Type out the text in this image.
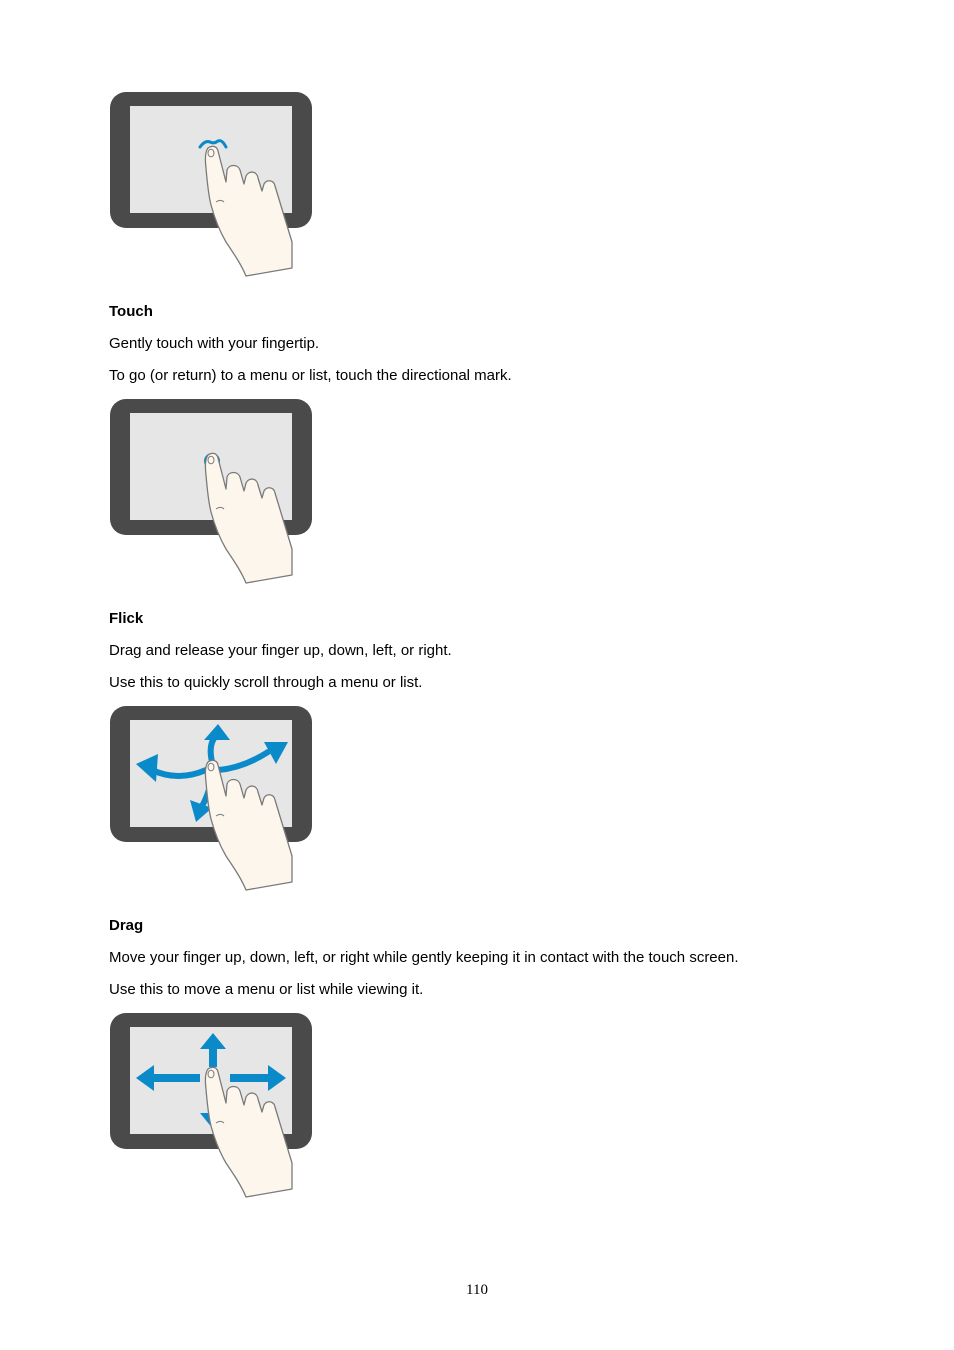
Touch
Gently touch with your fingertip.
To go (or return) to a menu or list, touch the directional mark.
Flick
Drag and release your finger up, down, left, or right.
Use this to quickly scroll through a menu or list.
Drag
Move your finger up, down, left, or right while gently keeping it in contact with the touch screen.
Use this to move a menu or list while viewing it.
110
